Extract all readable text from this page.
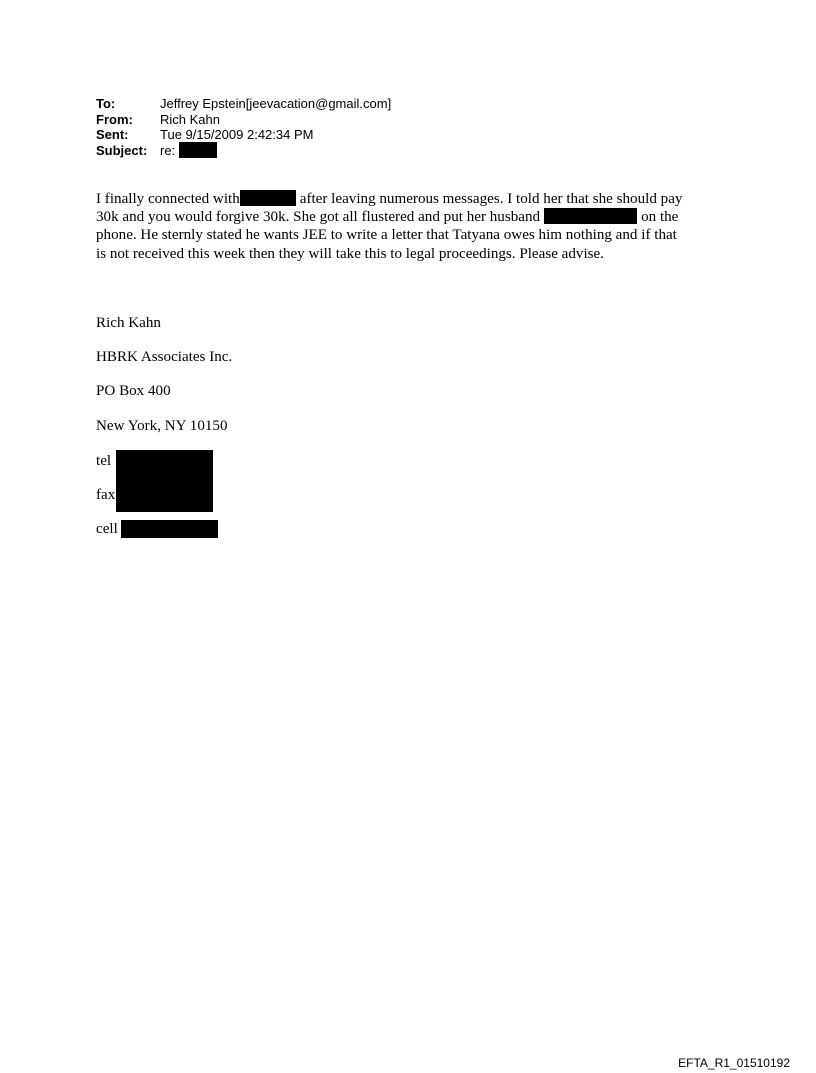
To:	Jeffrey Epstein[jeevacation@gmail.com]
From:	Rich Kahn
Sent:	Tue 9/15/2009 2:42:34 PM
Subject: re:
I finally connected with	after leaving numerous messages. I told her that she should pay
30k and you would forgive 30k. She got all flustered and put her husband	on the
phone. He sternly stated he wants JEE to write a letter that Tatyana owes him nothing and if that
is not received this week then they will take this to legal proceedings. Please advise.
Rich Kahn
HBRK Associates Inc.
PO Box 400
New York, NY 10150
tel
fax
cell
EFTA_R1_01510192
